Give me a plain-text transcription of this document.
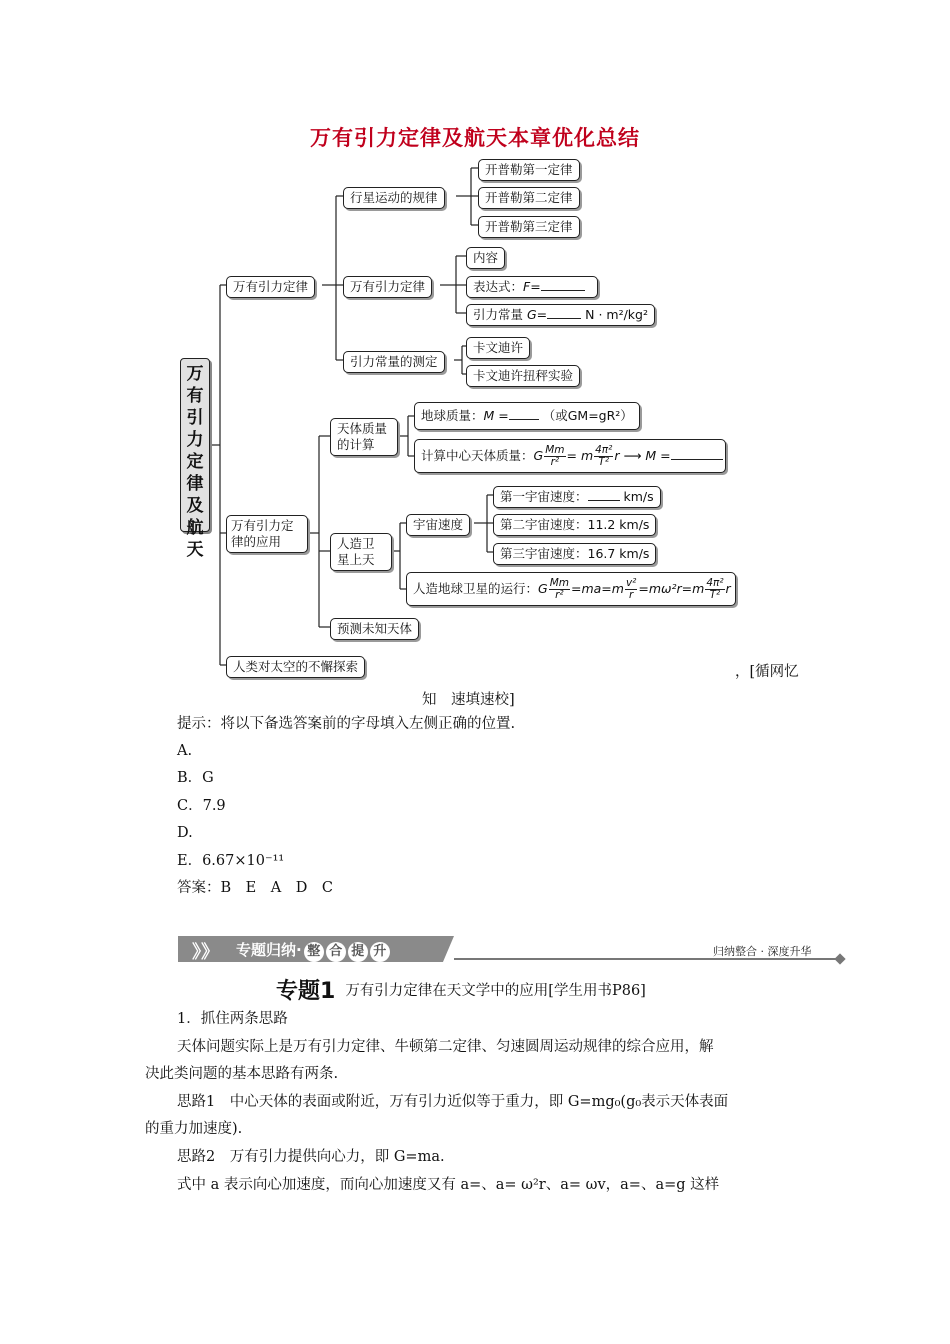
万有引力定律及航天本章优化总结
万
有
引
力
定
律
及
航
天
万有引力定律
万有引力定律的应用
人类对太空的不懈探索
行星运动的规律
万有引力定律
引力常量的测定
天体质量的计算
人造卫星上天
预测未知天体
开普勒第一定律
开普勒第二定律
开普勒第三定律
内容
表达式：F=
引力常量 G=	N · m²/kg²
卡文迪许
卡文迪许扭秤实验
地球质量：M =	（或GM=gR²）
计算中心天体质量：G $\frac{Mm}{\text{r²}} = m \frac{\text{4π²}}{\text{T²}}$ r ⟶ M =
宇宙速度
第一宇宙速度：	km/s
第二宇宙速度：11.2 km/s
第三宇宙速度：16.7 km/s
人造地球卫星的运行：G $\frac{Mm}{\text{r²}} =ma=m \frac{\text{v²}}{r} =m\omega^2r=m \frac{\text{4π²}}{\text{T²}}$ r
，[循网忆
知　速填速校]
提示：将以下备选答案前的字母填入左侧正确的位置.
A.
B．G
C．7.9
D.
E．6.67×10⁻¹¹
答案：B　E　A　D　C
》》 专题归纳· 整 合 提 升	归纳整合 · 深度升华
专题1 万有引力定律在天文学中的应用[学生用书P86]
1．抓住两条思路
天体问题实际上是万有引力定律、牛顿第二定律、匀速圆周运动规律的综合应用，解
决此类问题的基本思路有两条.
思路1　中心天体的表面或附近，万有引力近似等于重力，即 G=mg₀(g₀表示天体表面
的重力加速度).
思路2　万有引力提供向心力，即 G=ma.
式中 a 表示向心加速度，而向心加速度又有 a=、a= ω²r、a= ωv，a=、a=g 这样
